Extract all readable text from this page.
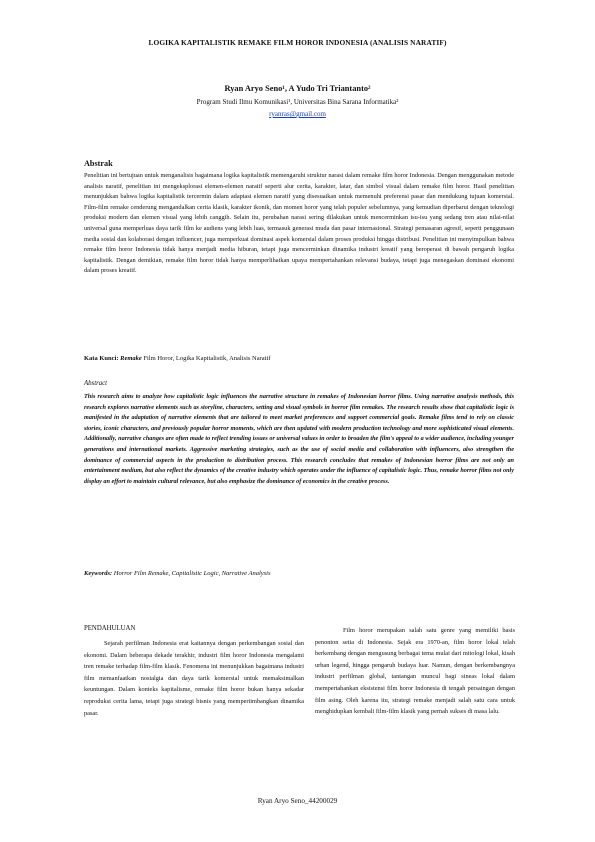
LOGIKA KAPITALISTIK REMAKE FILM HOROR INDONESIA (ANALISIS NARATIF)
Ryan Aryo Seno¹, A Yudo Tri Triantanto²
Program Studi Ilmu Komunikasi¹, Universitas Bina Sarana Informatika²
ryanras@gmail.com
Abstrak
Penelitian ini bertujuan untuk menganalisis bagaimana logika kapitalistik memengaruhi struktur narasi dalam remake film horor Indonesia. Dengan menggunakan metode analisis naratif, penelitian ini mengeksplorasi elemen-elemen naratif seperti alur cerita, karakter, latar, dan simbol visual dalam remake film horor. Hasil penelitian menunjukkan bahwa logika kapitalistik tercermin dalam adaptasi elemen naratif yang disesuaikan untuk memenuhi preferensi pasar dan mendukung tujuan komersial. Film-film remake cenderung mengandalkan cerita klasik, karakter ikonik, dan momen horor yang telah populer sebelumnya, yang kemudian diperbarui dengan teknologi produksi modern dan elemen visual yang lebih canggih. Selain itu, perubahan narasi sering dilakukan untuk mencerminkan isu-isu yang sedang tren atau nilai-nilai universal guna memperluas daya tarik film ke audiens yang lebih luas, termasuk generasi muda dan pasar internasional. Strategi pemasaran agresif, seperti penggunaan media sosial dan kolaborasi dengan influencer, juga memperkuat dominasi aspek komersial dalam proses produksi hingga distribusi. Penelitian ini menyimpulkan bahwa remake film horor Indonesia tidak hanya menjadi media hiburan, tetapi juga mencerminkan dinamika industri kreatif yang beroperasi di bawah pengaruh logika kapitalistik. Dengan demikian, remake film horor tidak hanya memperlihatkan upaya mempertahankan relevansi budaya, tetapi juga menegaskan dominasi ekonomi dalam proses kreatif.
Kata Kunci: Remake Film Horor, Logika Kapitalistik, Analisis Naratif
Abstract
This research aims to analyze how capitalistic logic influences the narrative structure in remakes of Indonesian horror films. Using narrative analysis methods, this research explores narrative elements such as storyline, characters, setting and visual symbols in horror film remakes. The research results show that capitalistic logic is manifested in the adaptation of narrative elements that are tailored to meet market preferences and support commercial goals. Remake films tend to rely on classic stories, iconic characters, and previously popular horror moments, which are then updated with modern production technology and more sophisticated visual elements. Additionally, narrative changes are often made to reflect trending issues or universal values in order to broaden the film's appeal to a wider audience, including younger generations and international markets. Aggressive marketing strategies, such as the use of social media and collaboration with influencers, also strengthen the dominance of commercial aspects in the production to distribution process. This research concludes that remakes of Indonesian horror films are not only an entertainment medium, but also reflect the dynamics of the creative industry which operates under the influence of capitalistic logic. Thus, remake horror films not only display an effort to maintain cultural relevance, but also emphasize the dominance of economics in the creative process.
Keywords: Horror Film Remake, Capitalistic Logic, Narrative Analysis
PENDAHULUAN

Sejarah perfilman Indonesia erat kaitannya dengan perkembangan sosial dan ekonomi. Dalam beberapa dekade terakhir, industri film horor Indonesia mengalami tren remake terhadap film-film klasik. Fenomena ini menunjukkan bagaimana industri film memanfaatkan nostalgia dan daya tarik komersial untuk memaksimalkan keuntungan. Dalam konteks kapitalisme, remake film horor bukan hanya sekadar reproduksi cerita lama, tetapi juga strategi bisnis yang mempertimbangkan dinamika pasar.

Film horor merupakan salah satu genre yang memiliki basis penonton setia di Indonesia. Sejak era 1970-an, film horor lokal telah berkembang dengan mengusung berbagai tema mulai dari mitologi lokal, kisah urban legend, hingga pengaruh budaya luar. Namun, dengan berkembangnya industri perfilman global, tantangan muncul bagi sineas lokal dalam mempertahankan eksistensi film horor Indonesia di tengah persaingan dengan film asing. Oleh karena itu, strategi remake menjadi salah satu cara untuk menghidupkan kembali film-film klasik yang pernah sukses di masa lalu.

Ryan Aryo Seno_44200029
